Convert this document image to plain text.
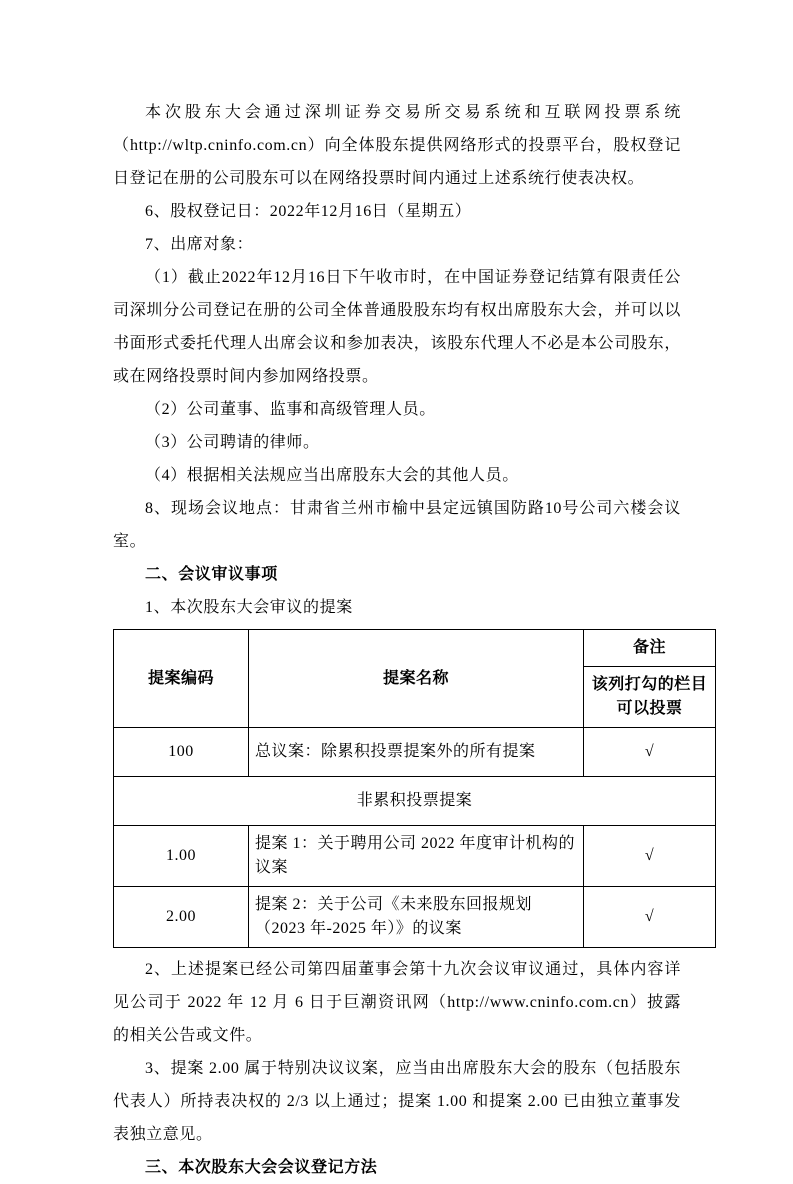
本次股东大会通过深圳证券交易所交易系统和互联网投票系统（http://wltp.cninfo.com.cn）向全体股东提供网络形式的投票平台，股权登记日登记在册的公司股东可以在网络投票时间内通过上述系统行使表决权。

6、股权登记日：2022年12月16日（星期五）

7、出席对象：

（1）截止2022年12月16日下午收市时，在中国证券登记结算有限责任公司深圳分公司登记在册的公司全体普通股股东均有权出席股东大会，并可以以书面形式委托代理人出席会议和参加表决，该股东代理人不必是本公司股东，或在网络投票时间内参加网络投票。

（2）公司董事、监事和高级管理人员。

（3）公司聘请的律师。

（4）根据相关法规应当出席股东大会的其他人员。

8、现场会议地点：甘肃省兰州市榆中县定远镇国防路10号公司六楼会议室。

二、会议审议事项

1、本次股东大会审议的提案

提案编码	提案名称	备注
		该列打勾的栏目可以投票
100	总议案：除累积投票提案外的所有提案	√
非累积投票提案		
1.00	提案 1：关于聘用公司 2022 年度审计机构的议案	√
2.00	提案 2：关于公司《未来股东回报规划（2023 年-2025 年）》的议案	√

2、上述提案已经公司第四届董事会第十九次会议审议通过，具体内容详见公司于 2022 年 12 月 6 日于巨潮资讯网（http://www.cninfo.com.cn）披露的相关公告或文件。

3、提案 2.00 属于特别决议议案，应当由出席股东大会的股东（包括股东代表人）所持表决权的 2/3 以上通过；提案 1.00 和提案 2.00 已由独立董事发表独立意见。

三、本次股东大会会议登记方法
